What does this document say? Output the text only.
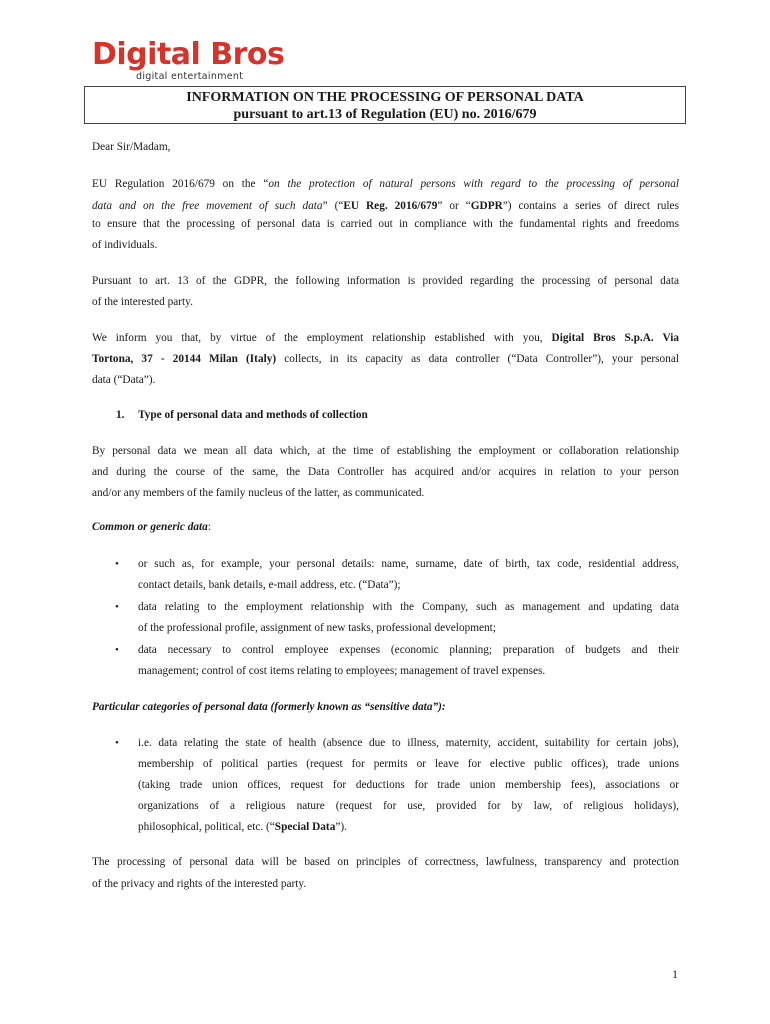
Digital Bros
digital entertainment
INFORMATION ON THE PROCESSING OF PERSONAL DATA
pursuant to art.13 of Regulation (EU) no. 2016/679
Dear Sir/Madam,
EU Regulation 2016/679 on the “on the protection of natural persons with regard to the processing of personal
data and on the free movement of such data” (“EU Reg. 2016/679” or “GDPR”) contains a series of direct rules
to ensure that the processing of personal data is carried out in compliance with the fundamental rights and freedoms
of individuals.
Pursuant to art. 13 of the GDPR, the following information is provided regarding the processing of personal data
of the interested party.
We inform you that, by virtue of the employment relationship established with you, Digital Bros S.p.A. Via
Tortona, 37 - 20144 Milan (Italy) collects, in its capacity as data controller (“Data Controller”), your personal
data (“Data”).
1.	Type of personal data and methods of collection
By personal data we mean all data which, at the time of establishing the employment or collaboration relationship
and during the course of the same, the Data Controller has acquired and/or acquires in relation to your person
and/or any members of the family nucleus of the latter, as communicated.
Common or generic data:
• or such as, for example, your personal details: name, surname, date of birth, tax code, residential address,
contact details, bank details, e-mail address, etc. (“Data”);
• data relating to the employment relationship with the Company, such as management and updating data
of the professional profile, assignment of new tasks, professional development;
• data necessary to control employee expenses (economic planning; preparation of budgets and their
management; control of cost items relating to employees; management of travel expenses.
Particular categories of personal data (formerly known as “sensitive data”):
• i.e. data relating the state of health (absence due to illness, maternity, accident, suitability for certain jobs),
membership of political parties (request for permits or leave for elective public offices), trade unions
(taking trade union offices, request for deductions for trade union membership fees), associations or
organizations of a religious nature (request for use, provided for by law, of religious holidays),
philosophical, political, etc. (“Special Data”).
The processing of personal data will be based on principles of correctness, lawfulness, transparency and protection
of the privacy and rights of the interested party.
1
